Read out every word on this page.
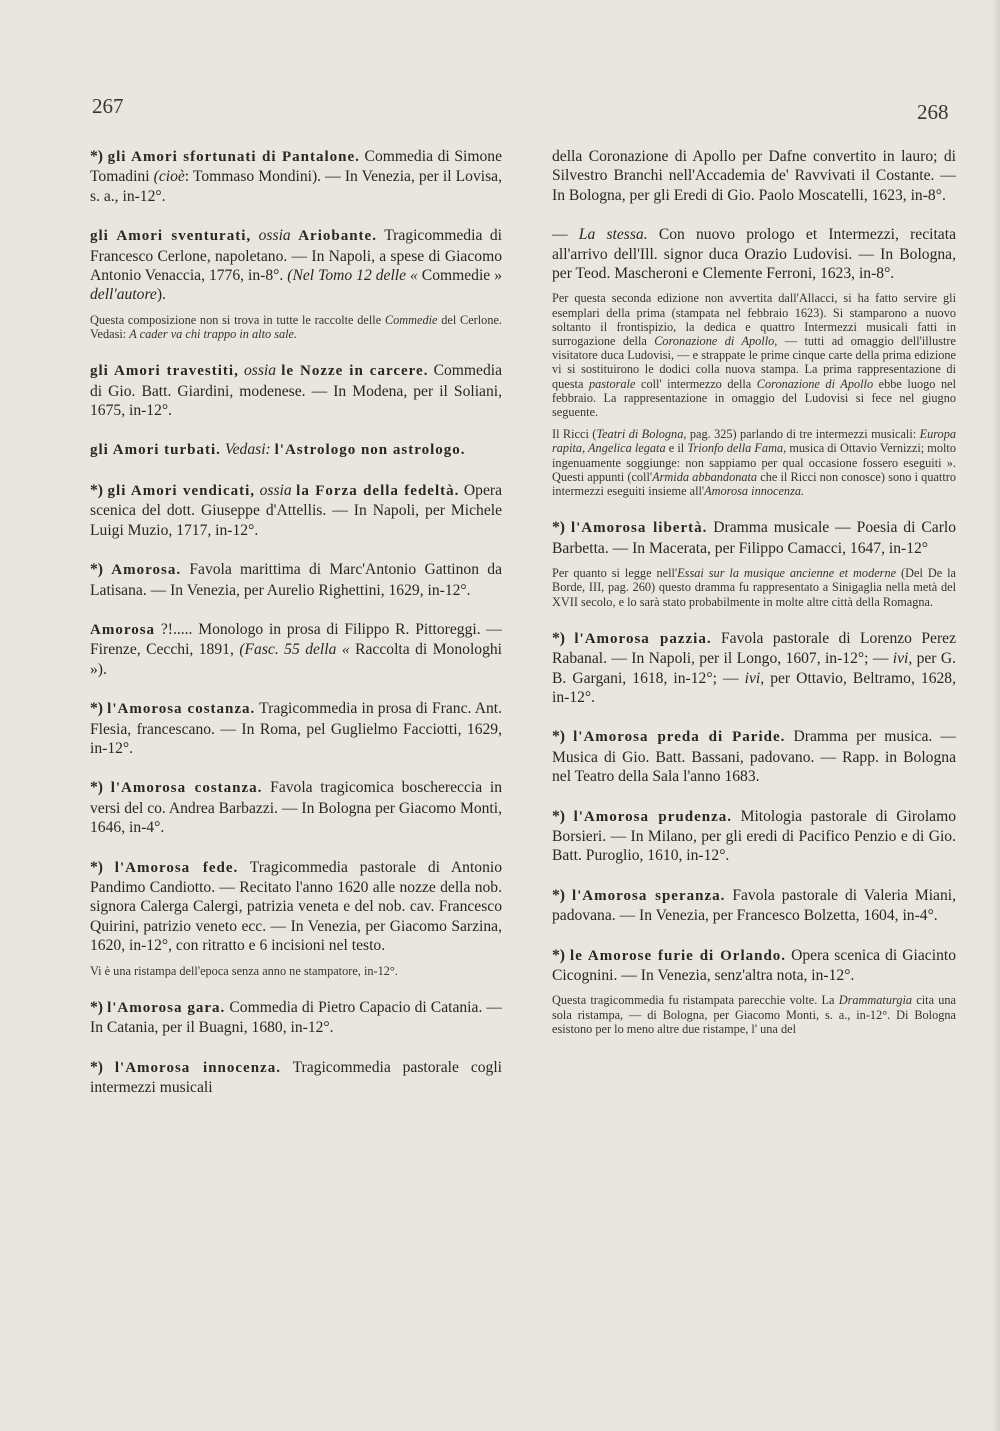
267	268

*) gli Amori sfortunati di Pantalone. Commedia di Simone Tomadini (cioè: Tommaso Mondini). — In Venezia, per il Lovisa, s. a., in-12°.

gli Amori sventurati, ossia Ariobante. Tragicommedia di Francesco Cerlone, napoletano. — In Napoli, a spese di Giacomo Antonio Venaccia, 1776, in-8°. (Nel Tomo 12 delle « Commedie » dell'autore).

Questa composizione non si trova in tutte le raccolte delle Commedie del Cerlone. Vedasi: A cader va chi trappo in alto sale.

gli Amori travestiti, ossia le Nozze in carcere. Commedia di Gio. Batt. Giardini, modenese. — In Modena, per il Soliani, 1675, in-12°.

gli Amori turbati. Vedasi: l'Astrologo non astrologo.

*) gli Amori vendicati, ossia la Forza della fedeltà. Opera scenica del dott. Giuseppe d'Attellis. — In Napoli, per Michele Luigi Muzio, 1717, in-12°.

*) Amorosa. Favola marittima di Marc'Antonio Gattinon da Latisana. — In Venezia, per Aurelio Righettini, 1629, in-12°.

Amorosa ?!..... Monologo in prosa di Filippo R. Pittoreggi. — Firenze, Cecchi, 1891, (Fasc. 55 della « Raccolta di Monologhi »).

*) l'Amorosa costanza. Tragicommedia in prosa di Franc. Ant. Flesia, francescano. — In Roma, pel Guglielmo Facciotti, 1629, in-12°.

*) l'Amorosa costanza. Favola tragicomica boschereccia in versi del co. Andrea Barbazzi. — In Bologna per Giacomo Monti, 1646, in-4°.

*) l'Amorosa fede. Tragicommedia pastorale di Antonio Pandimo Candiotto. — Recitato l'anno 1620 alle nozze della nob. signora Calerga Calergi, patrizia veneta e del nob. cav. Francesco Quirini, patrizio veneto ecc. — In Venezia, per Giacomo Sarzina, 1620, in-12°, con ritratto e 6 incisioni nel testo.

Vi è una ristampa dell'epoca senza anno ne stampatore, in-12°.

*) l'Amorosa gara. Commedia di Pietro Capacio di Catania. — In Catania, per il Buagni, 1680, in-12°.

*) l'Amorosa innocenza. Tragicommedia pastorale cogli intermezzi musicali

della Coronazione di Apollo per Dafne convertito in lauro; di Silvestro Branchi nell'Accademia de' Ravvivati il Costante. — In Bologna, per gli Eredi di Gio. Paolo Moscatelli, 1623, in-8°.

— La stessa. Con nuovo prologo et Intermezzi, recitata all'arrivo dell'Ill. signor duca Orazio Ludovisi. — In Bologna, per Teod. Mascheroni e Clemente Ferroni, 1623, in-8°.

Per questa seconda edizione non avvertita dall'Allacci, si ha fatto servire gli esemplari della prima (stampata nel febbraio 1623). Si stamparono a nuovo soltanto il frontispizio, la dedica e quattro Intermezzi musicali fatti in surrogazione della Coronazione di Apollo, — tutti ad omaggio dell'illustre visitatore duca Ludovisi, — e strappate le prime cinque carte della prima edizione vi si sostituirono le dodici colla nuova stampa. La prima rappresentazione di questa pastorale coll' intermezzo della Coronazione di Apollo ebbe luogo nel febbraio. La rappresentazione in omaggio del Ludovisi si fece nel giugno seguente.

Il Ricci (Teatri di Bologna, pag. 325) parlando di tre intermezzi musicali: Europa rapita, Angelica legata e il Trionfo della Fama, musica di Ottavio Vernizzi; molto ingenuamente soggiunge: non sappiamo per qual occasione fossero eseguiti ». Questi appunti (coll'Armida abbandonata che il Ricci non conosce) sono i quattro intermezzi eseguiti insieme all'Amorosa innocenza.

*) l'Amorosa libertà. Dramma musicale — Poesia di Carlo Barbetta. — In Macerata, per Filippo Camacci, 1647, in-12°

Per quanto si legge nell'Essai sur la musique ancienne et moderne (Del De la Borde, III, pag. 260) questo dramma fu rappresentato a Sinigaglia nella metà del XVII secolo, e lo sarà stato probabilmente in molte altre città della Romagna.

*) l'Amorosa pazzia. Favola pastorale di Lorenzo Perez Rabanal. — In Napoli, per il Longo, 1607, in-12°; — ivi, per G. B. Gargani, 1618, in-12°; — ivi, per Ottavio, Beltramo, 1628, in-12°.

*) l'Amorosa preda di Paride. Dramma per musica. — Musica di Gio. Batt. Bassani, padovano. — Rapp. in Bologna nel Teatro della Sala l'anno 1683.

*) l'Amorosa prudenza. Mitologia pastorale di Girolamo Borsieri. — In Milano, per gli eredi di Pacifico Penzio e di Gio. Batt. Puroglio, 1610, in-12°.

*) l'Amorosa speranza. Favola pastorale di Valeria Miani, padovana. — In Venezia, per Francesco Bolzetta, 1604, in-4°.

*) le Amorose furie di Orlando. Opera scenica di Giacinto Cicognini. — In Venezia, senz'altra nota, in-12°.

Questa tragicommedia fu ristampata parecchie volte. La Drammaturgia cita una sola ristampa, — di Bologna, per Giacomo Monti, s. a., in-12°. Di Bologna esistono per lo meno altre due ristampe, l' una del
